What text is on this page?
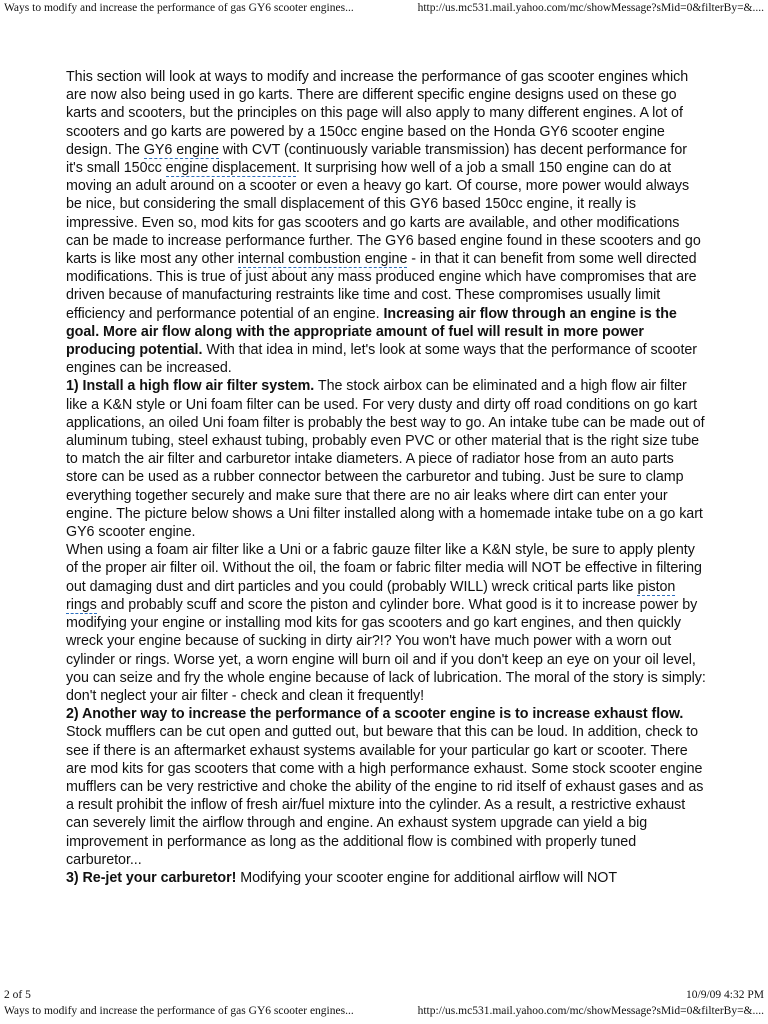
Ways to modify and increase the performance of gas GY6 scooter engines...	http://us.mc531.mail.yahoo.com/mc/showMessage?sMid=0&filterBy=&....

This section will look at ways to modify and increase the performance of gas scooter engines which are now also being used in go karts. There are different specific engine designs used on these go karts and scooters, but the principles on this page will also apply to many different engines. A lot of scooters and go karts are powered by a 150cc engine based on the Honda GY6 scooter engine design. The GY6 engine with CVT (continuously variable transmission) has decent performance for it's small 150cc engine displacement. It surprising how well of a job a small 150 engine can do at moving an adult around on a scooter or even a heavy go kart. Of course, more power would always be nice, but considering the small displacement of this GY6 based 150cc engine, it really is impressive. Even so, mod kits for gas scooters and go karts are available, and other modifications can be made to increase performance further. The GY6 based engine found in these scooters and go karts is like most any other internal combustion engine - in that it can benefit from some well directed modifications. This is true of just about any mass produced engine which have compromises that are driven because of manufacturing restraints like time and cost. These compromises usually limit efficiency and performance potential of an engine. Increasing air flow through an engine is the goal. More air flow along with the appropriate amount of fuel will result in more power producing potential. With that idea in mind, let's look at some ways that the performance of scooter engines can be increased.

1) Install a high flow air filter system. The stock airbox can be eliminated and a high flow air filter like a K&N style or Uni foam filter can be used. For very dusty and dirty off road conditions on go kart applications, an oiled Uni foam filter is probably the best way to go. An intake tube can be made out of aluminum tubing, steel exhaust tubing, probably even PVC or other material that is the right size tube to match the air filter and carburetor intake diameters. A piece of radiator hose from an auto parts store can be used as a rubber connector between the carburetor and tubing. Just be sure to clamp everything together securely and make sure that there are no air leaks where dirt can enter your engine. The picture below shows a Uni filter installed along with a homemade intake tube on a go kart GY6 scooter engine.

When using a foam air filter like a Uni or a fabric gauze filter like a K&N style, be sure to apply plenty of the proper air filter oil. Without the oil, the foam or fabric filter media will NOT be effective in filtering out damaging dust and dirt particles and you could (probably WILL) wreck critical parts like piston rings and probably scuff and score the piston and cylinder bore. What good is it to increase power by modifying your engine or installing mod kits for gas scooters and go kart engines, and then quickly wreck your engine because of sucking in dirty air?!? You won't have much power with a worn out cylinder or rings. Worse yet, a worn engine will burn oil and if you don't keep an eye on your oil level, you can seize and fry the whole engine because of lack of lubrication. The moral of the story is simply: don't neglect your air filter - check and clean it frequently!

2) Another way to increase the performance of a scooter engine is to increase exhaust flow. Stock mufflers can be cut open and gutted out, but beware that this can be loud. In addition, check to see if there is an aftermarket exhaust systems available for your particular go kart or scooter. There are mod kits for gas scooters that come with a high performance exhaust. Some stock scooter engine mufflers can be very restrictive and choke the ability of the engine to rid itself of exhaust gases and as a result prohibit the inflow of fresh air/fuel mixture into the cylinder. As a result, a restrictive exhaust can severely limit the airflow through and engine. An exhaust system upgrade can yield a big improvement in performance as long as the additional flow is combined with properly tuned carburetor...

3) Re-jet your carburetor! Modifying your scooter engine for additional airflow will NOT

2 of 5	10/9/09 4:32 PM
Ways to modify and increase the performance of gas GY6 scooter engines...	http://us.mc531.mail.yahoo.com/mc/showMessage?sMid=0&filterBy=&....
